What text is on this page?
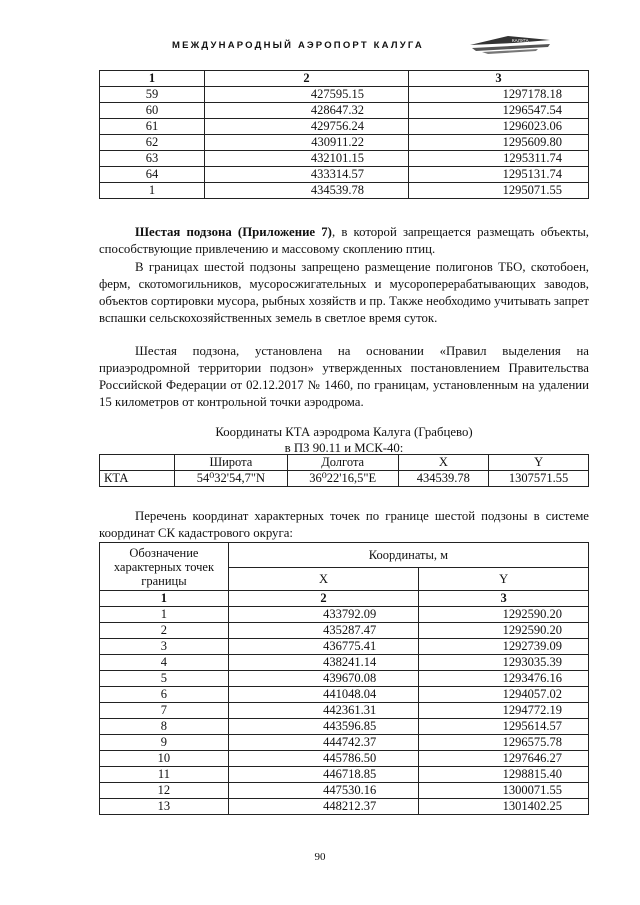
МЕЖДУНАРОДНЫЙ АЭРОПОРТ КАЛУГА	КАЛУГА
1	2	3
59	427595.15	1297178.18
60	428647.32	1296547.54
61	429756.24	1296023.06
62	430911.22	1295609.80
63	432101.15	1295311.74
64	433314.57	1295131.74
1	434539.78	1295071.55

Шестая подзона (Приложение 7), в которой запрещается размещать объекты, способствующие привлечению и массовому скоплению птиц.

В границах шестой подзоны запрещено размещение полигонов ТБО, скотобоен, ферм, скотомогильников, мусоросжигательных и мусороперерабатывающих заводов, объектов сортировки мусора, рыбных хозяйств и пр. Также необходимо учитывать запрет вспашки сельскохозяйственных земель в светлое время суток.

Шестая подзона, установлена на основании «Правил выделения на приаэродромной территории подзон» утвержденных постановлением Правительства Российской Федерации от 02.12.2017 № 1460, по границам, установленным на удалении 15 километров от контрольной точки аэродрома.

Координаты КТА аэродрома Калуга (Грабцево)
в ПЗ 90.11 и МСК-40:
	Широта	Долгота	X	Y
КТА	54⁰32'54,7"N	36⁰22'16,5"E	434539.78	1307571.55

Перечень координат характерных точек по границе шестой подзоны в системе координат СК кадастрового округа:

Обозначение характерных точек границы	Координаты, м	
	X	Y
1	2	3
1	433792.09	1292590.20
2	435287.47	1292590.20
3	436775.41	1292739.09
4	438241.14	1293035.39
5	439670.08	1293476.16
6	441048.04	1294057.02
7	442361.31	1294772.19
8	443596.85	1295614.57
9	444742.37	1296575.78
10	445786.50	1297646.27
11	446718.85	1298815.40
12	447530.16	1300071.55
13	448212.37	1301402.25
90
